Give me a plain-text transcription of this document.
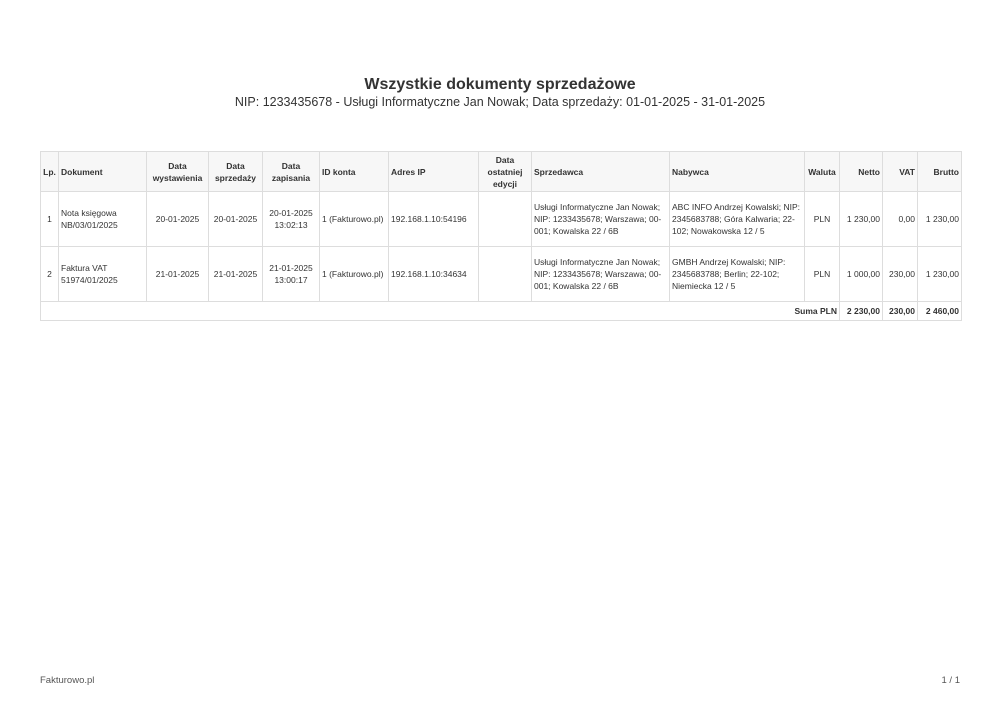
Wszystkie dokumenty sprzedażowe
NIP: 1233435678 - Usługi Informatyczne Jan Nowak; Data sprzedaży: 01-01-2025 - 31-01-2025
Lp.	Dokument	Data wystawienia	Data sprzedaży	Data zapisania	ID konta	Adres IP	Data ostatniej edycji	Sprzedawca	Nabywca	Waluta	Netto	VAT	Brutto
1	Nota księgowa NB/03/01/2025	20-01-2025	20-01-2025	20-01-2025 13:02:13	1 (Fakturowo.pl)	192.168.1.10:54196		Usługi Informatyczne Jan Nowak; NIP: 1233435678; Warszawa; 00-001; Kowalska 22 / 6B	ABC INFO Andrzej Kowalski; NIP: 2345683788; Góra Kalwaria; 22-102; Nowakowska 12 / 5	PLN	1 230,00	0,00	1 230,00
2	Faktura VAT 51974/01/2025	21-01-2025	21-01-2025	21-01-2025 13:00:17	1 (Fakturowo.pl)	192.168.1.10:34634		Usługi Informatyczne Jan Nowak; NIP: 1233435678; Warszawa; 00-001; Kowalska 22 / 6B	GMBH Andrzej Kowalski; NIP: 2345683788; Berlin; 22-102; Niemiecka 12 / 5	PLN	1 000,00	230,00	1 230,00
Suma PLN											2 230,00	230,00	2 460,00
Fakturowo.pl	1 / 1
